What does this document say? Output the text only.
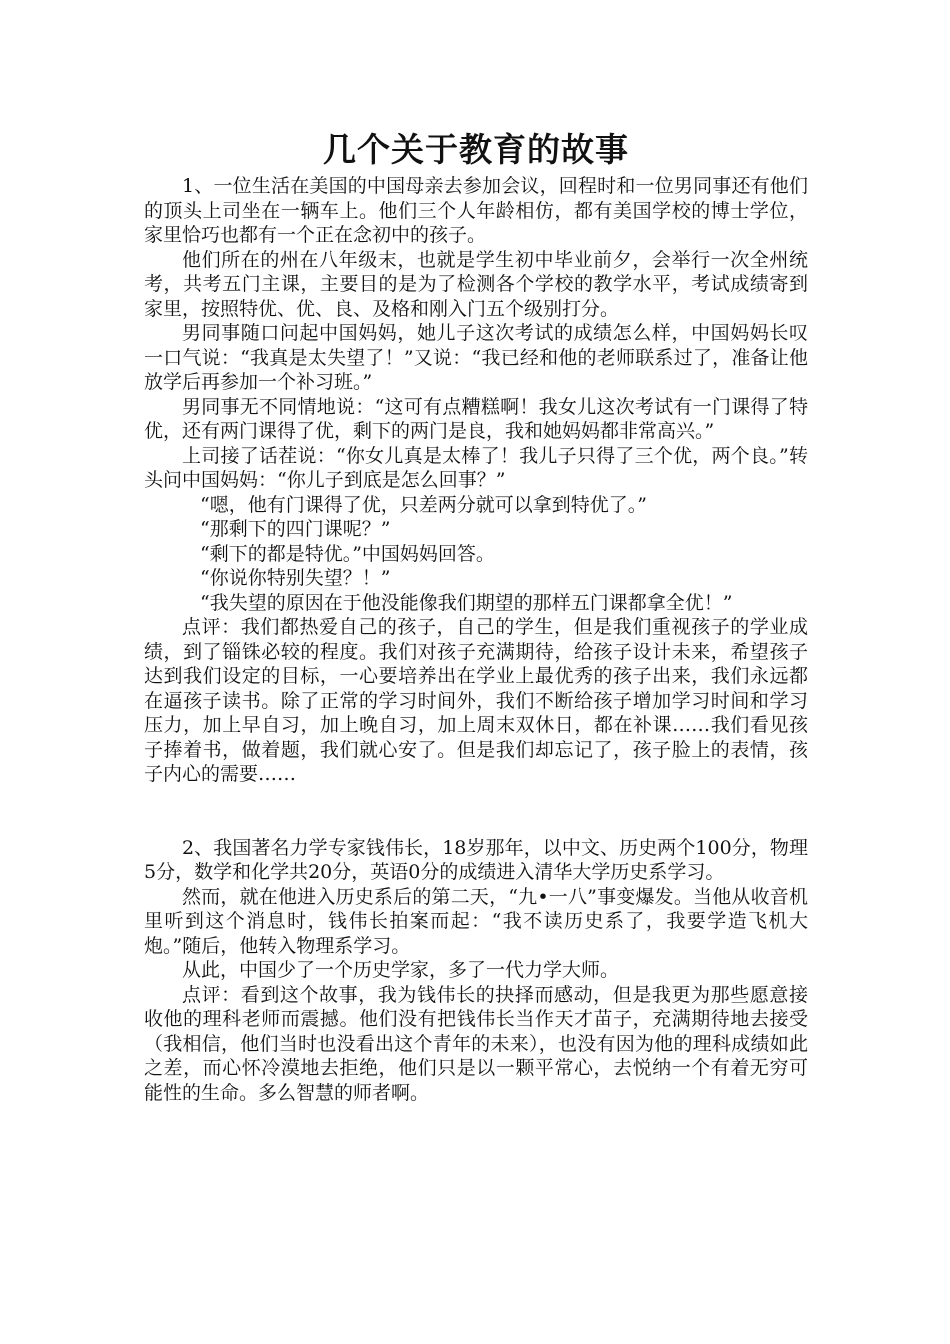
几个关于教育的故事

1、一位生活在美国的中国母亲去参加会议，回程时和一位男同事还有他们的顶头上司坐在一辆车上。他们三个人年龄相仿，都有美国学校的博士学位，家里恰巧也都有一个正在念初中的孩子。

他们所在的州在八年级末，也就是学生初中毕业前夕，会举行一次全州统考，共考五门主课，主要目的是为了检测各个学校的教学水平，考试成绩寄到家里，按照特优、优、良、及格和刚入门五个级别打分。

男同事随口问起中国妈妈，她儿子这次考试的成绩怎么样，中国妈妈长叹一口气说：“我真是太失望了！”又说：“我已经和他的老师联系过了，准备让他放学后再参加一个补习班。”

男同事无不同情地说：“这可有点糟糕啊！我女儿这次考试有一门课得了特优，还有两门课得了优，剩下的两门是良，我和她妈妈都非常高兴。”

上司接了话茬说：“你女儿真是太棒了！我儿子只得了三个优，两个良。”转头问中国妈妈：“你儿子到底是怎么回事？”

“嗯，他有门课得了优，只差两分就可以拿到特优了。”

“那剩下的四门课呢？”

“剩下的都是特优。”中国妈妈回答。

“你说你特别失望？！”

“我失望的原因在于他没能像我们期望的那样五门课都拿全优！”

点评：我们都热爱自己的孩子，自己的学生，但是我们重视孩子的学业成绩，到了锱铢必较的程度。我们对孩子充满期待，给孩子设计未来，希望孩子达到我们设定的目标，一心要培养出在学业上最优秀的孩子出来，我们永远都在逼孩子读书。除了正常的学习时间外，我们不断给孩子增加学习时间和学习压力，加上早自习，加上晚自习，加上周末双休日，都在补课……我们看见孩子捧着书，做着题，我们就心安了。但是我们却忘记了，孩子脸上的表情，孩子内心的需要……

2、我国著名力学专家钱伟长，18岁那年，以中文、历史两个100分，物理5分，数学和化学共20分，英语0分的成绩进入清华大学历史系学习。

然而，就在他进入历史系后的第二天，“九•一八”事变爆发。当他从收音机里听到这个消息时，钱伟长拍案而起：“我不读历史系了，我要学造飞机大炮。”随后，他转入物理系学习。

从此，中国少了一个历史学家，多了一代力学大师。

点评：看到这个故事，我为钱伟长的抉择而感动，但是我更为那些愿意接收他的理科老师而震撼。他们没有把钱伟长当作天才苗子，充满期待地去接受（我相信，他们当时也没看出这个青年的未来），也没有因为他的理科成绩如此之差，而心怀冷漠地去拒绝，他们只是以一颗平常心，去悦纳一个有着无穷可能性的生命。多么智慧的师者啊。
